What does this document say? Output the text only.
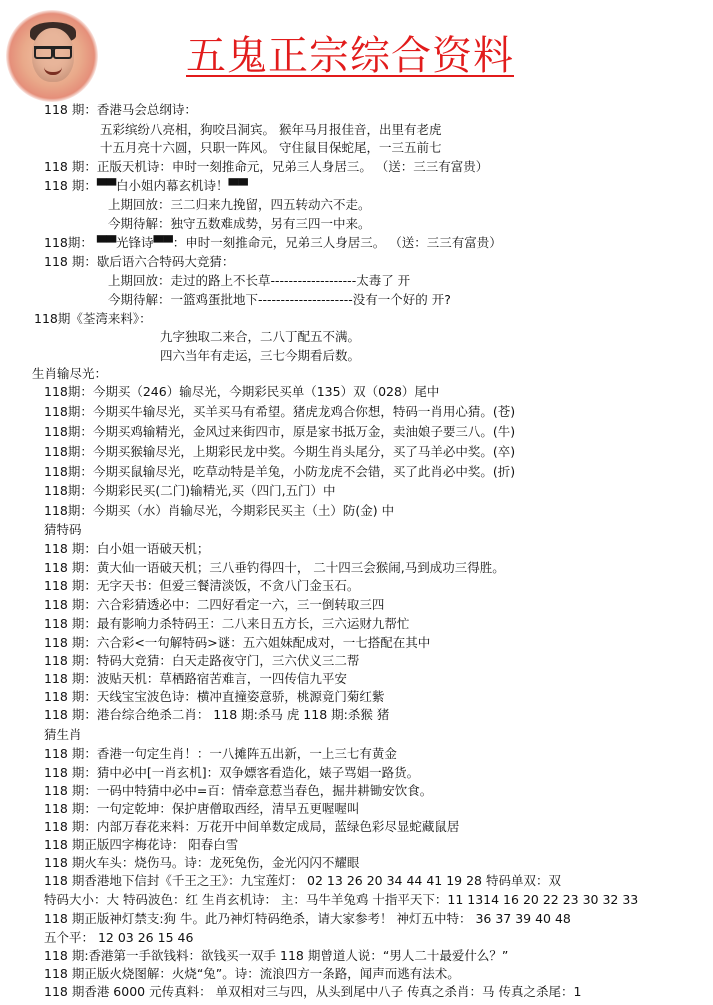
五鬼正宗综合资料
118 期：香港马会总纲诗：
五彩缤纷八亮相，狗咬吕洞宾。 猴年马月报佳音，出里有老虎
十五月亮十六圆，只职一阵风。 守住鼠目保蛇尾，一三五前七
118 期：正版天机诗：申时一刻推命元，兄弟三人身居三。 （送：三三有富贵）
118 期：▀▀白小姐内幕玄机诗！▀▀
上期回放：三二归来九挽留，四五转动六不走。
今期待解：独守五数难成势，另有三四一中来。
118期： ▀▀光锋诗▀▀：申时一刻推命元，兄弟三人身居三。 （送：三三有富贵）
118 期：歇后语六合特码大竞猜：
上期回放：走过的路上不长草-------------------太毒了 开
今期待解：一篮鸡蛋批地下---------------------没有一个好的 开?
118期《荃湾来料》：
九字独取二来合，二八丁配五不满。
四六当年有走运，三七今期看后数。
生肖输尽光：
118期：今期买（246）输尽光，今期彩民买单（135）双（028）尾中
118期：今期买牛输尽光，买羊买马有希望。猪虎龙鸡合你想，特码一肖用心猜。(苍)
118期：今期买鸡输精光，金风过来街四市，原是家书抵万金，卖油娘子要三八。(牛)
118期：今期买猴输尽光，上期彩民龙中奖。今期生肖头尾分，买了马羊必中奖。(卒)
118期：今期买鼠输尽光，吃草动特是羊兔，小防龙虎不会错，买了此肖必中奖。(折)
118期：今期彩民买(二门)输精光,买（四门,五门）中
118期：今期买（水）肖输尽光，今期彩民买主（土）防(金) 中
猜特码
118 期：白小姐一语破天机；
118 期：黄大仙一语破天机；三八垂钓得四十， 二十四三会猴闹,马到成功三得胜。
118 期：无字天书：但爱三餐清淡饭，不贪八门金玉石。
118 期：六合彩猜透必中：二四好看定一六，三一倒转取三四
118 期：最有影响力杀特码王：二八来日五方长，三六运财九帮忙
118 期：六合彩<一句解特码>谜：五六姐妹配成对，一七搭配在其中
118 期：特码大竞猜：白天走路夜守门，三六伏义三二帮
118 期：波贴天机：草栖路宿苦难言，一四传信九平安
118 期：天线宝宝波色诗：横冲直撞姿意骄，桃源竟门菊红紫
118 期：港台综合绝杀二肖： 118 期:杀马 虎 118 期:杀猴 猪
猜生肖
118 期：香港一句定生肖！：一八摊阵五出新，一上三七有黄金
118 期：猜中必中[一肖玄机]：双争嫖客看造化，婊子骂娼一路货。
118 期：一码中特猜中必中=百：情牵意惹当春色，掘井耕锄安饮食。
118 期：一句定乾坤：保护唐僧取西经，清早五更喔喔叫
118 期：内部万春花来料：万花开中间单数定成局，蓝绿色彩尽显蛇藏鼠居
118 期正版四字梅花诗： 阳春白雪
118 期火车头：烧伤马。诗：龙死兔伤，金光闪闪不耀眼
118 期香港地下信封《千王之王》：九宝莲灯： 02 13 26 20 34 44 41 19 28 特码单双：双
特码大小：大 特码波色：红 生肖玄机诗： 主：马牛羊兔鸡 十指平天下：11 1314 16 20 22 23 30 32 33
118 期正版神灯禁支:狗 牛。此乃神灯特码绝杀，请大家参考！ 神灯五中特： 36 37 39 40 48
五个平： 12 03 26 15 46
118 期:香港第一手欲钱料：欲钱买一双手 118 期曾道人说：“男人二十最爱什么？”
118 期正版火烧图解：火烧“兔”。诗：流浪四方一条路，闻声而逃有法术。
118 期香港 6000 元传真料： 单双相对三与四，从头到尾中八子 传真之杀肖：马 传真之杀尾：1
